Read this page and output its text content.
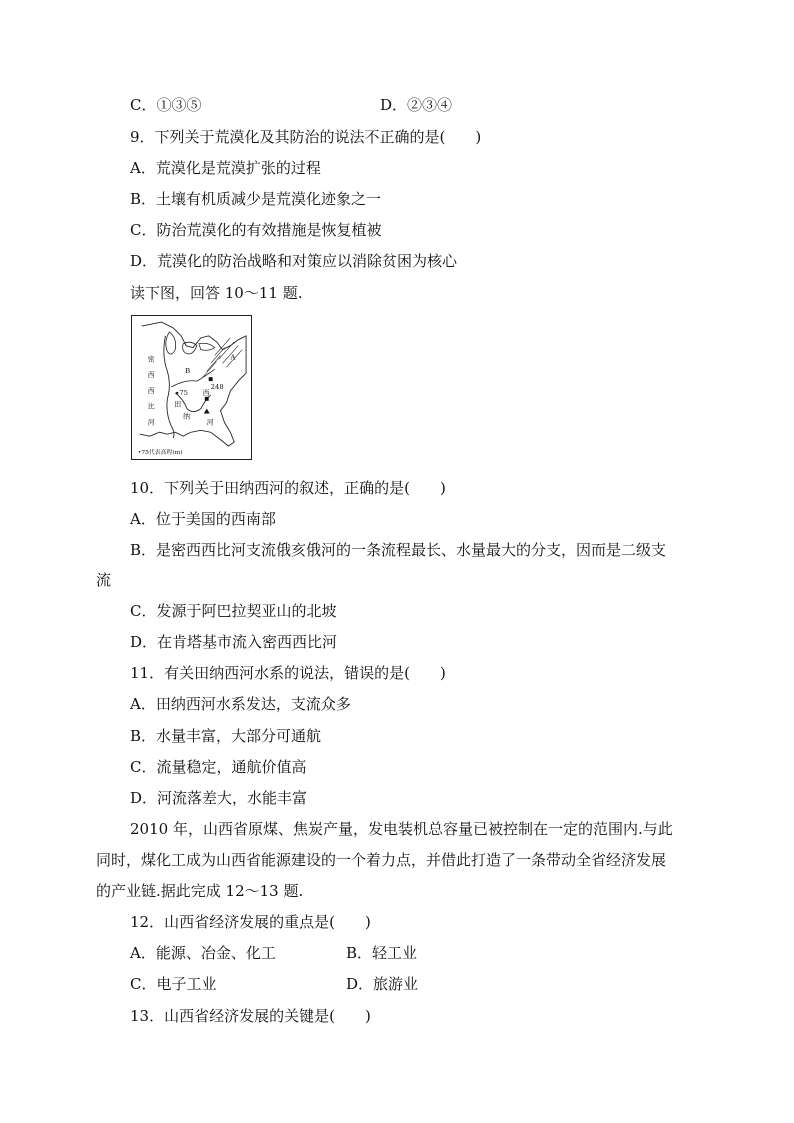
C．①③⑤	D．②③④
9．下列关于荒漠化及其防治的说法不正确的是(　　)
A．荒漠化是荒漠扩张的过程
B．土壤有机质减少是荒漠化迹象之一
C．防治荒漠化的有效措施是恢复植被
D．荒漠化的防治战略和对策应以消除贫困为核心
读下图，回答 10～11 题.
密
西
西
比
河
田
纳
西
河
B
A
75
248
•75代表高程(m)
10．下列关于田纳西河的叙述，正确的是(　　)
A．位于美国的西南部
B．是密西西比河支流俄亥俄河的一条流程最长、水量最大的分支，因而是二级支
流
C．发源于阿巴拉契亚山的北坡
D．在肯塔基市流入密西西比河
11．有关田纳西河水系的说法，错误的是(　　)
A．田纳西河水系发达，支流众多
B．水量丰富，大部分可通航
C．流量稳定，通航价值高
D．河流落差大，水能丰富
2010 年，山西省原煤、焦炭产量，发电装机总容量已被控制在一定的范围内.与此
同时，煤化工成为山西省能源建设的一个着力点，并借此打造了一条带动全省经济发展
的产业链.据此完成 12～13 题.
12．山西省经济发展的重点是(　　)
A．能源、冶金、化工	B．轻工业
C．电子工业	D．旅游业
13．山西省经济发展的关键是(　　)
